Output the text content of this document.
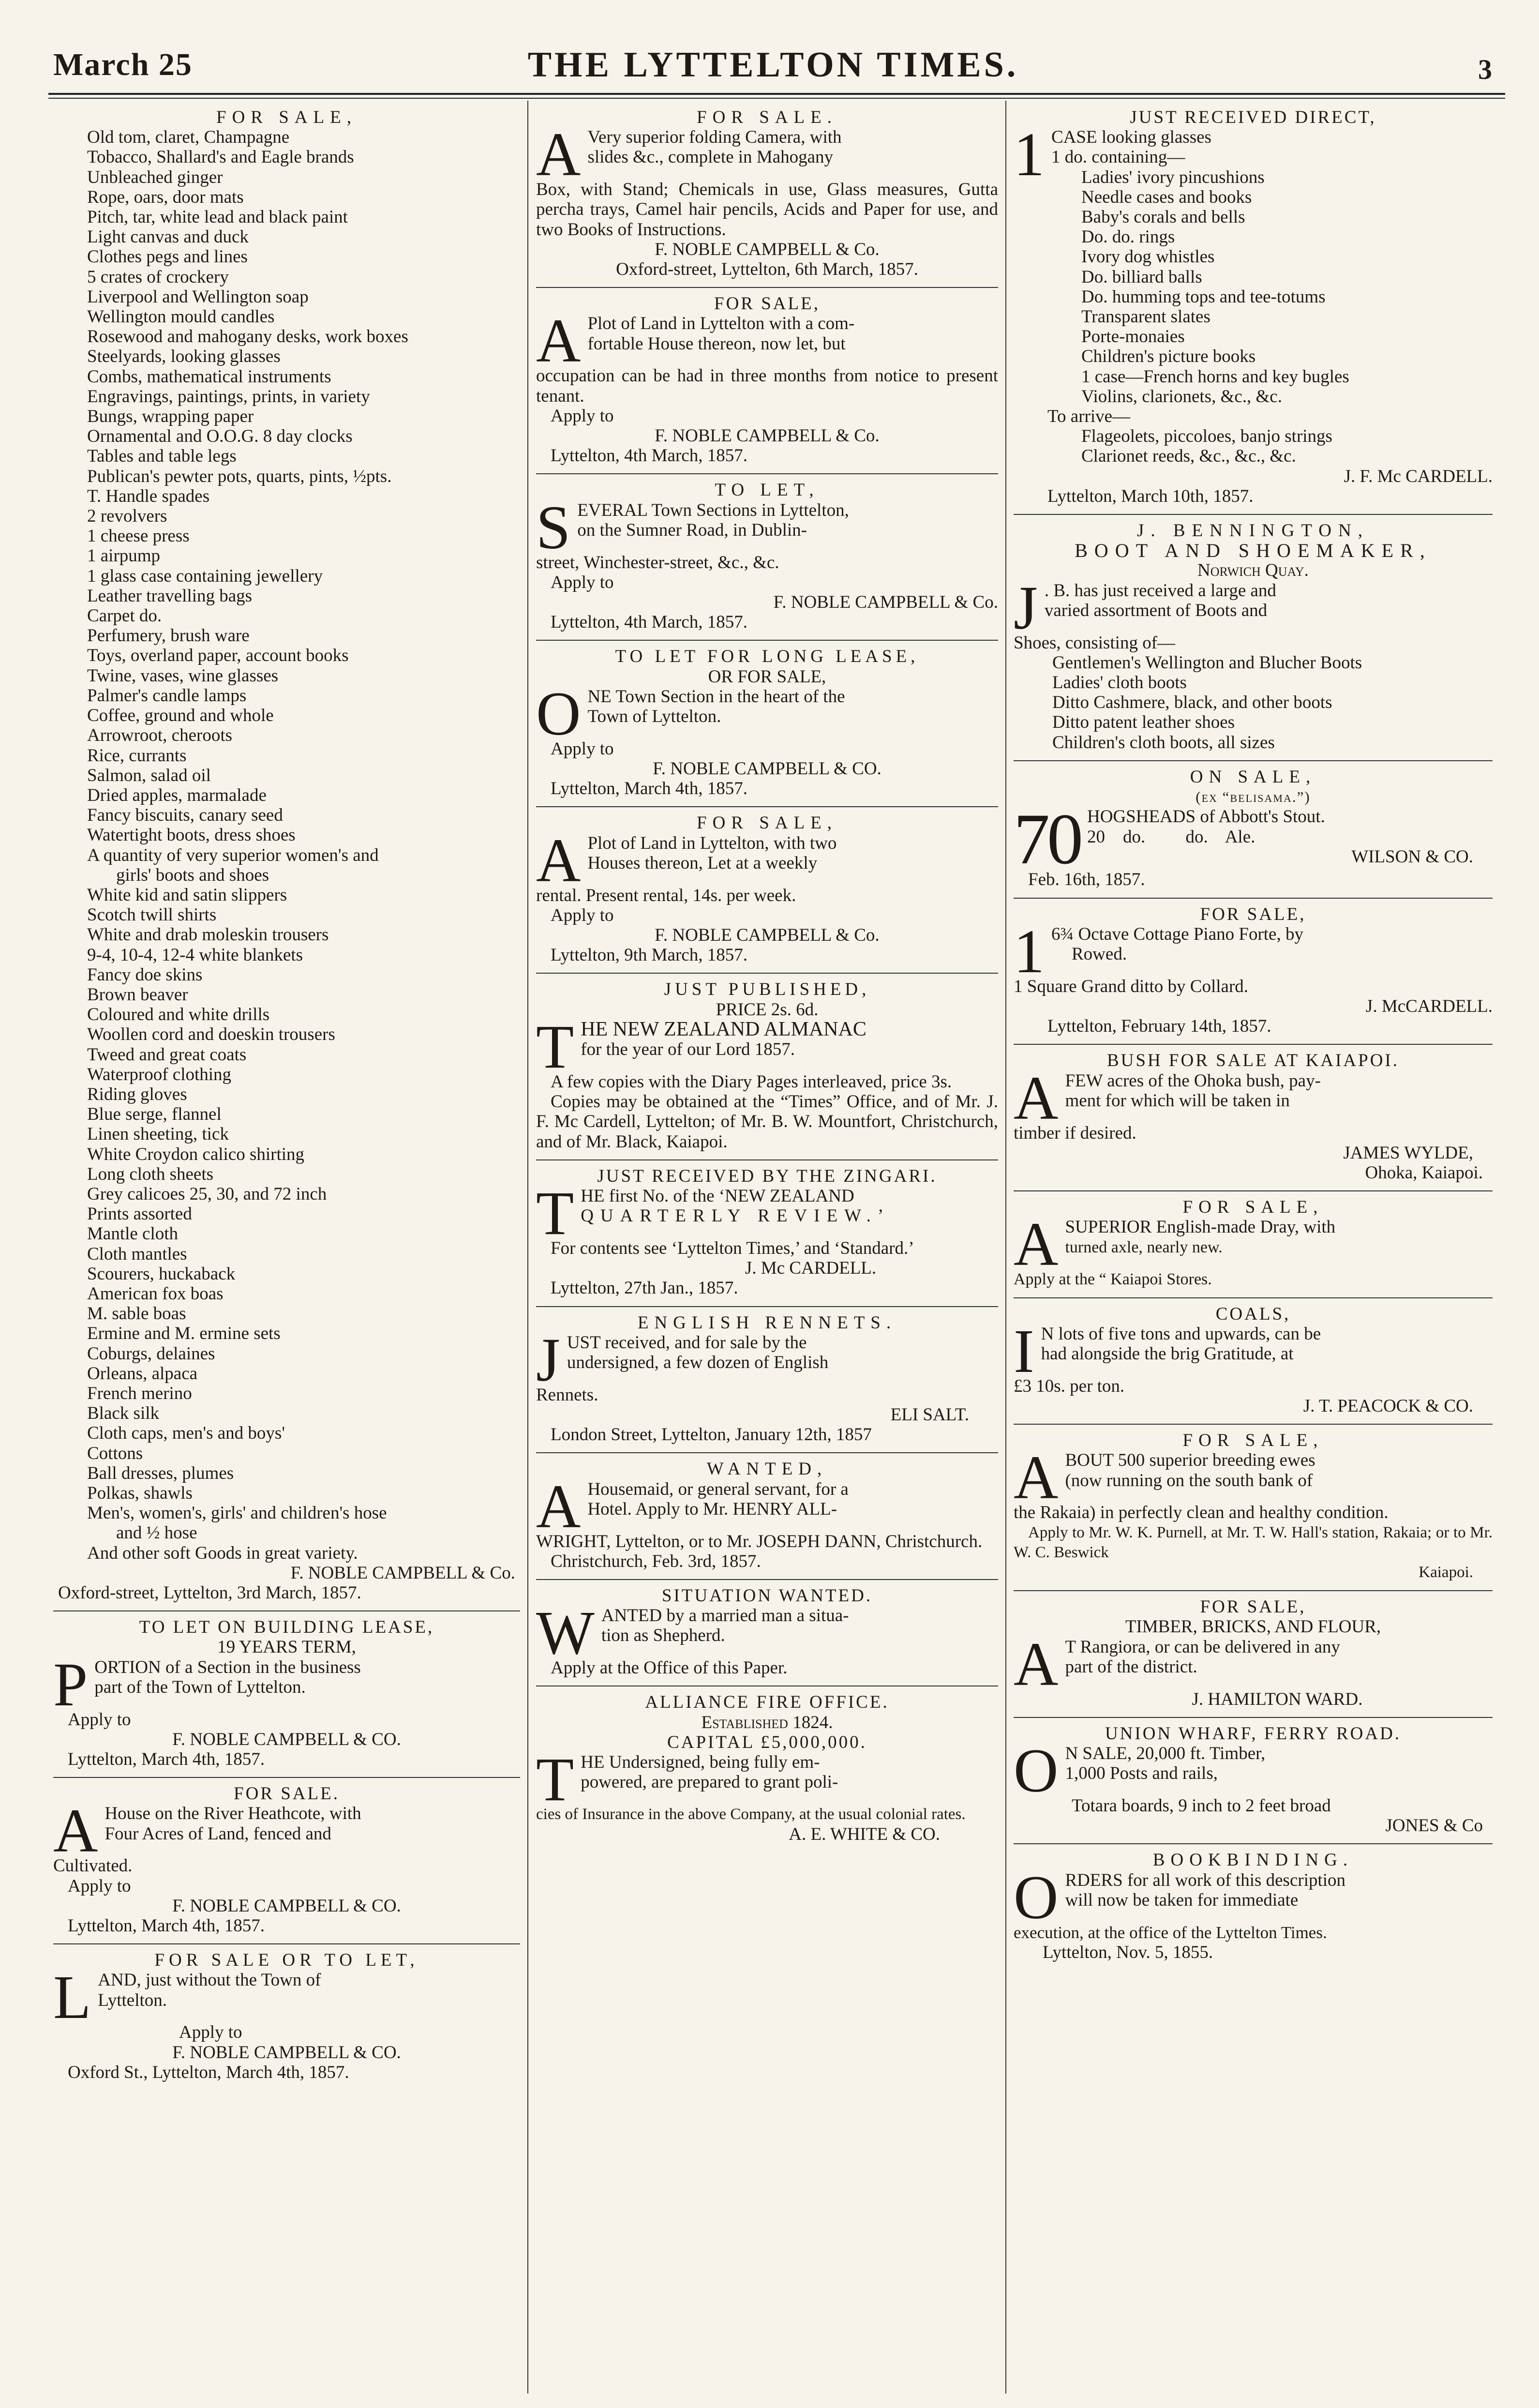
March 25	THE LYTTELTON TIMES.	3
FOR SALE,
Old tom, claret, Champagne
Tobacco, Shallard's and Eagle brands
Unbleached ginger
Rope, oars, door mats
Pitch, tar, white lead and black paint
Light canvas and duck
Clothes pegs and lines
5 crates of crockery
Liverpool and Wellington soap
Wellington mould candles
Rosewood and mahogany desks, work boxes
Steelyards, looking glasses
Combs, mathematical instruments
Engravings, paintings, prints, in variety
Bungs, wrapping paper
Ornamental and O.O.G. 8 day clocks
Tables and table legs
Publican's pewter pots, quarts, pints, ½pts.
T. Handle spades
2 revolvers
1 cheese press
1 airpump
1 glass case containing jewellery
Leather travelling bags
Carpet do.
Perfumery, brush ware
Toys, overland paper, account books
Twine, vases, wine glasses
Palmer's candle lamps
Coffee, ground and whole
Arrowroot, cheroots
Rice, currants
Salmon, salad oil
Dried apples, marmalade
Fancy biscuits, canary seed
Watertight boots, dress shoes
A quantity of very superior women's and
girls' boots and shoes
White kid and satin slippers
Scotch twill shirts
White and drab moleskin trousers
9-4, 10-4, 12-4 white blankets
Fancy doe skins
Brown beaver
Coloured and white drills
Woollen cord and doeskin trousers
Tweed and great coats
Waterproof clothing
Riding gloves
Blue serge, flannel
Linen sheeting, tick
White Croydon calico shirting
Long cloth sheets
Grey calicoes 25, 30, and 72 inch
Prints assorted
Mantle cloth
Cloth mantles
Scourers, huckaback
American fox boas
M. sable boas
Ermine and M. ermine sets
Coburgs, delaines
Orleans, alpaca
French merino
Black silk
Cloth caps, men's and boys'
Cottons
Ball dresses, plumes
Polkas, shawls
Men's, women's, girls' and children's hose
and ½ hose
And other soft Goods in great variety.
F. NOBLE CAMPBELL & Co.
Oxford-street, Lyttelton, 3rd March, 1857.
TO LET ON BUILDING LEASE,
19 YEARS TERM,
P ORTION of a Section in the business
part of the Town of Lyttelton.
Apply to
F. NOBLE CAMPBELL & CO.
Lyttelton, March 4th, 1857.
FOR SALE.
A House on the River Heathcote, with
Four Acres of Land, fenced and
Cultivated.
Apply to
F. NOBLE CAMPBELL & CO.
Lyttelton, March 4th, 1857.
FOR SALE OR TO LET,
L AND, just without the Town of
Lyttelton.
Apply to
F. NOBLE CAMPBELL & CO.
Oxford St., Lyttelton, March 4th, 1857.
FOR SALE.
A Very superior folding Camera, with
slides &c., complete in Mahogany
Box, with Stand; Chemicals in use, Glass measures, Gutta percha trays, Camel hair pencils, Acids and Paper for use, and two Books of Instructions.
F. NOBLE CAMPBELL & Co.
Oxford-street, Lyttelton, 6th March, 1857.
FOR SALE,
A Plot of Land in Lyttelton with a com-
fortable House thereon, now let, but
occupation can be had in three months from notice to present tenant.
Apply to
F. NOBLE CAMPBELL & Co.
Lyttelton, 4th March, 1857.
TO LET,
S EVERAL Town Sections in Lyttelton,
on the Sumner Road, in Dublin-
street, Winchester-street, &c., &c.
Apply to
F. NOBLE CAMPBELL & Co.
Lyttelton, 4th March, 1857.
TO LET FOR LONG LEASE,
OR FOR SALE,
O NE Town Section in the heart of the
Town of Lyttelton.
Apply to
F. NOBLE CAMPBELL & CO.
Lyttelton, March 4th, 1857.
FOR SALE,
A Plot of Land in Lyttelton, with two
Houses thereon, Let at a weekly
rental. Present rental, 14s. per week.
Apply to
F. NOBLE CAMPBELL & Co.
Lyttelton, 9th March, 1857.
JUST PUBLISHED,
PRICE 2s. 6d.
T HE NEW ZEALAND ALMANAC
for the year of our Lord 1857.
A few copies with the Diary Pages interleaved, price 3s.
Copies may be obtained at the “Times” Office, and of Mr. J. F. Mc Cardell, Lyttelton; of Mr. B. W. Mountfort, Christchurch, and of Mr. Black, Kaiapoi.
JUST RECEIVED BY THE ZINGARI.
T HE first No. of the ‘NEW ZEALAND
QUARTERLY REVIEW.’
For contents see ‘Lyttelton Times,’ and ‘Standard.’
J. Mc CARDELL.
Lyttelton, 27th Jan., 1857.
ENGLISH RENNETS.
J UST received, and for sale by the
undersigned, a few dozen of English
Rennets.
ELI SALT.
London Street, Lyttelton, January 12th, 1857
WANTED,
A Housemaid, or general servant, for a
Hotel. Apply to Mr. HENRY ALL-
WRIGHT, Lyttelton, or to Mr. JOSEPH DANN, Christchurch.
Christchurch, Feb. 3rd, 1857.
SITUATION WANTED.
W ANTED by a married man a situa-
tion as Shepherd.
Apply at the Office of this Paper.
ALLIANCE FIRE OFFICE.
Established 1824.
CAPITAL £5,000,000.
T HE Undersigned, being fully em-
powered, are prepared to grant poli-
cies of Insurance in the above Company, at the usual colonial rates.
A. E. WHITE & CO.
JUST RECEIVED DIRECT,
1 CASE looking glasses
1 do. containing—
Ladies' ivory pincushions
Needle cases and books
Baby's corals and bells
Do. do. rings
Ivory dog whistles
Do. billiard balls
Do. humming tops and tee-totums
Transparent slates
Porte-monaies
Children's picture books
1 case—French horns and key bugles
Violins, clarionets, &c., &c.
To arrive—
Flageolets, piccoloes, banjo strings
Clarionet reeds, &c., &c., &c.
J. F. Mc CARDELL.
Lyttelton, March 10th, 1857.
J. BENNINGTON,
BOOT AND SHOEMAKER,
Norwich Quay.
J . B. has just received a large and
varied assortment of Boots and
Shoes, consisting of—
Gentlemen's Wellington and Blucher Boots
Ladies' cloth boots
Ditto Cashmere, black, and other boots
Ditto patent leather shoes
Children's cloth boots, all sizes
ON SALE,
(ex “belisama.”)
70 HOGSHEADS of Abbott's Stout.
20    do.         do.    Ale.
WILSON & CO.
Feb. 16th, 1857.
FOR SALE,
1 6¾ Octave Cottage Piano Forte, by
Rowed.
1 Square Grand ditto by Collard.
J. McCARDELL.
Lyttelton, February 14th, 1857.
BUSH FOR SALE AT KAIAPOI.
A FEW acres of the Ohoka bush, pay-
ment for which will be taken in
timber if desired.
JAMES WYLDE,
Ohoka, Kaiapoi.
FOR SALE,
A SUPERIOR English-made Dray, with
turned axle, nearly new.
Apply at the “ Kaiapoi Stores.
COALS,
I N lots of five tons and upwards, can be
had alongside the brig Gratitude, at
£3 10s. per ton.
J. T. PEACOCK & CO.
FOR SALE,
A BOUT 500 superior breeding ewes
(now running on the south bank of
the Rakaia) in perfectly clean and healthy condition.
Apply to Mr. W. K. Purnell, at Mr. T. W. Hall's station, Rakaia; or to Mr. W. C. Beswick
Kaiapoi.
FOR SALE,
TIMBER, BRICKS, AND FLOUR,
A T Rangiora, or can be delivered in any
part of the district.
J. HAMILTON WARD.
UNION WHARF, FERRY ROAD.
O N SALE, 20,000 ft. Timber,
1,000 Posts and rails,
Totara boards, 9 inch to 2 feet broad
JONES & Co
BOOKBINDING.
O RDERS for all work of this description
will now be taken for immediate
execution, at the office of the Lyttelton Times.
Lyttelton, Nov. 5, 1855.
